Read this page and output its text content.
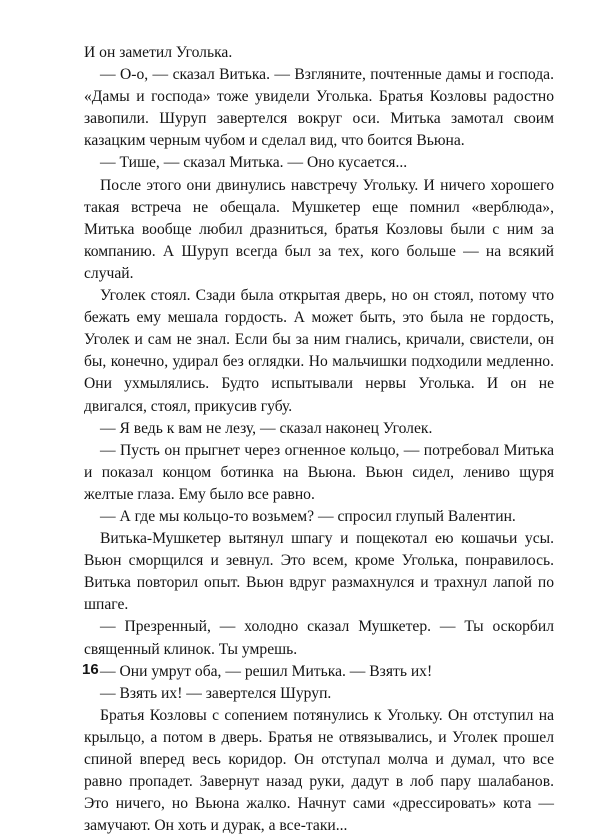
И он заметил Уголька.

— О-о, — сказал Витька. — Взгляните, почтенные дамы и господа. «Дамы и господа» тоже увидели Уголька. Братья Козловы радостно завопили. Шуруп завертелся вокруг оси. Митька замотал своим казацким черным чубом и сделал вид, что боится Вьюна.

— Тише, — сказал Митька. — Оно кусается...

После этого они двинулись навстречу Угольку. И ничего хорошего такая встреча не обещала. Мушкетер еще помнил «верблюда», Митька вообще любил дразниться, братья Козловы были с ним за компанию. А Шуруп всегда был за тех, кого больше — на всякий случай.

Уголек стоял. Сзади была открытая дверь, но он стоял, потому что бежать ему мешала гордость. А может быть, это была не гордость, Уголек и сам не знал. Если бы за ним гнались, кричали, свистели, он бы, конечно, удирал без оглядки. Но мальчишки подходили медленно. Они ухмылялись. Будто испытывали нервы Уголька. И он не двигался, стоял, прикусив губу.

— Я ведь к вам не лезу, — сказал наконец Уголек.

— Пусть он прыгнет через огненное кольцо, — потребовал Митька и показал концом ботинка на Вьюна. Вьюн сидел, лениво щуря желтые глаза. Ему было все равно.

— А где мы кольцо-то возьмем? — спросил глупый Валентин.

Витька-Мушкетер вытянул шпагу и пощекотал ею кошачьи усы. Вьюн сморщился и зевнул. Это всем, кроме Уголька, понравилось. Витька повторил опыт. Вьюн вдруг размахнулся и трахнул лапой по шпаге.

— Презренный, — холодно сказал Мушкетер. — Ты оскорбил священный клинок. Ты умрешь.

— Они умрут оба, — решил Митька. — Взять их!

— Взять их! — завертелся Шуруп.

Братья Козловы с сопением потянулись к Угольку. Он отступил на крыльцо, а потом в дверь. Братья не отвязывались, и Уголек прошел спиной вперед весь коридор. Он отступал молча и думал, что все равно пропадет. Завернут назад руки, дадут в лоб пару шалабанов. Это ничего, но Вьюна жалко. Начнут сами «дрессировать» кота — замучают. Он хоть и дурак, а все-таки...

16
